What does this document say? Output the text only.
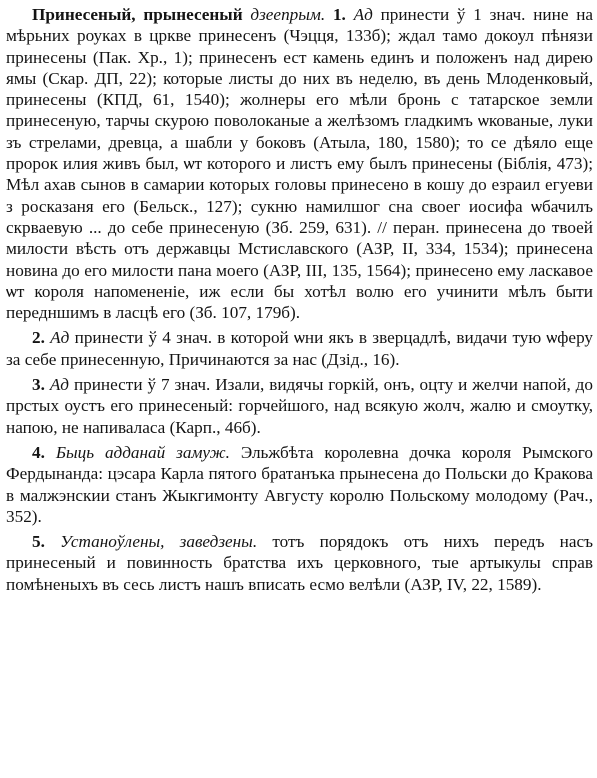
Принесеный, прынесеный дзеепрым. 1. Ад принести ў 1 знач. нине на мѣрьних роуках в цркве принесенъ (Чэцця, 133б); ждал тамо докоул пѣнязи принесены (Пак. Хр., 1); принесенъ ест камень единъ и положенъ над дирею ямы (Скар. ДП, 22); которые листы до них въ неделю, въ день Млоденковый, принесены (КПД, 61, 1540); жолнеры его мѣли бронь с татарское земли принесеную, тарчы скурою поволоканые а желѣзомъ гладкимъ ѡкованые, луки зъ стрелами, древца, а шабли у боковъ (Атыла, 180, 1580); то се дѣяло еще пророк илия живъ был, ѡт которого и листъ ему былъ принесены (Біблія, 473); Мѣл ахав сынов в самарии которых головы принесено в кошу до езраил егуеви з росказаня его (Бельск., 127); сукню намилшог сна своег иосифа ѡбачилъ скрваевую ... до себе принесеную (Зб. 259, 631). // перан. принесена до твоей милости вѣсть отъ державцы Мстиславского (АЗР, II, 334, 1534); принесена новина до его милости пана моего (АЗР, III, 135, 1564); принесено ему ласкавое ѡт короля напомененіе, иж если бы хотѣл волю его учинити мѣлъ быти передншимъ в ласцѣ его (Зб. 107, 179б).

2. Ад принести ў 4 знач. в которой ѡни якъ в зверцадлѣ, видачи тую ѡферу за себе принесенную, Причинаются за нас (Дзід., 16).

3. Ад принести ў 7 знач. Изали, видячы горкій, онъ, оцту и желчи напой, до прстых оустъ его принесеный: горчейшого, над всякую жолч, жалю и смоутку, напою, не напиваласа (Карп., 46б).

4. Быць адданай замуж. Эльжбѣта королевна дочка короля Рымского Фердынанда: цэсара Карла пятого братанъка прынесена до Польски до Кракова в малжэнскии станъ Жыкгимонту Августу королю Польскому молодому (Рач., 352).

5. Устаноўлены, заведзены. тотъ порядокъ отъ нихъ передъ насъ принесеный и повинность братства ихъ церковного, тые артыкулы справ помѣненыхъ въ сесь листъ нашъ вписать есмо велѣли (АЗР, IV, 22, 1589).
